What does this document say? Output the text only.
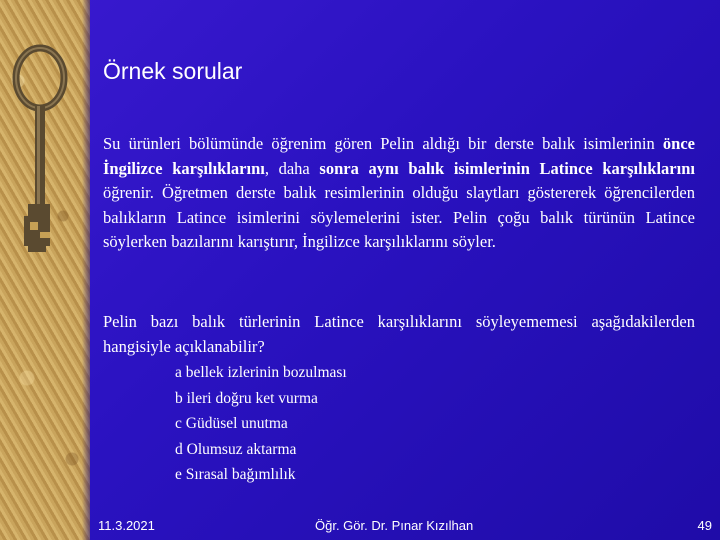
Örnek sorular

Su ürünleri bölümünde öğrenim gören Pelin aldığı bir derste balık isimlerinin önce İngilizce karşılıklarını, daha sonra aynı balık isimlerinin Latince karşılıklarını öğrenir. Öğretmen derste balık resimlerinin olduğu slaytları göstererek öğrencilerden balıkların Latince isimlerini söylemelerini ister. Pelin çoğu balık türünün Latince söylerken bazılarını karıştırır, İngilizce karşılıklarını söyler.

Pelin bazı balık türlerinin Latince karşılıklarını söyleyememesi aşağıdakilerden hangisiyle açıklanabilir?

a bellek izlerinin bozulması
b ileri doğru ket vurma
c Güdüsel unutma
d Olumsuz aktarma
e Sırasal bağımlılık
11.3.2021	Öğr. Gör. Dr. Pınar Kızılhan	49
